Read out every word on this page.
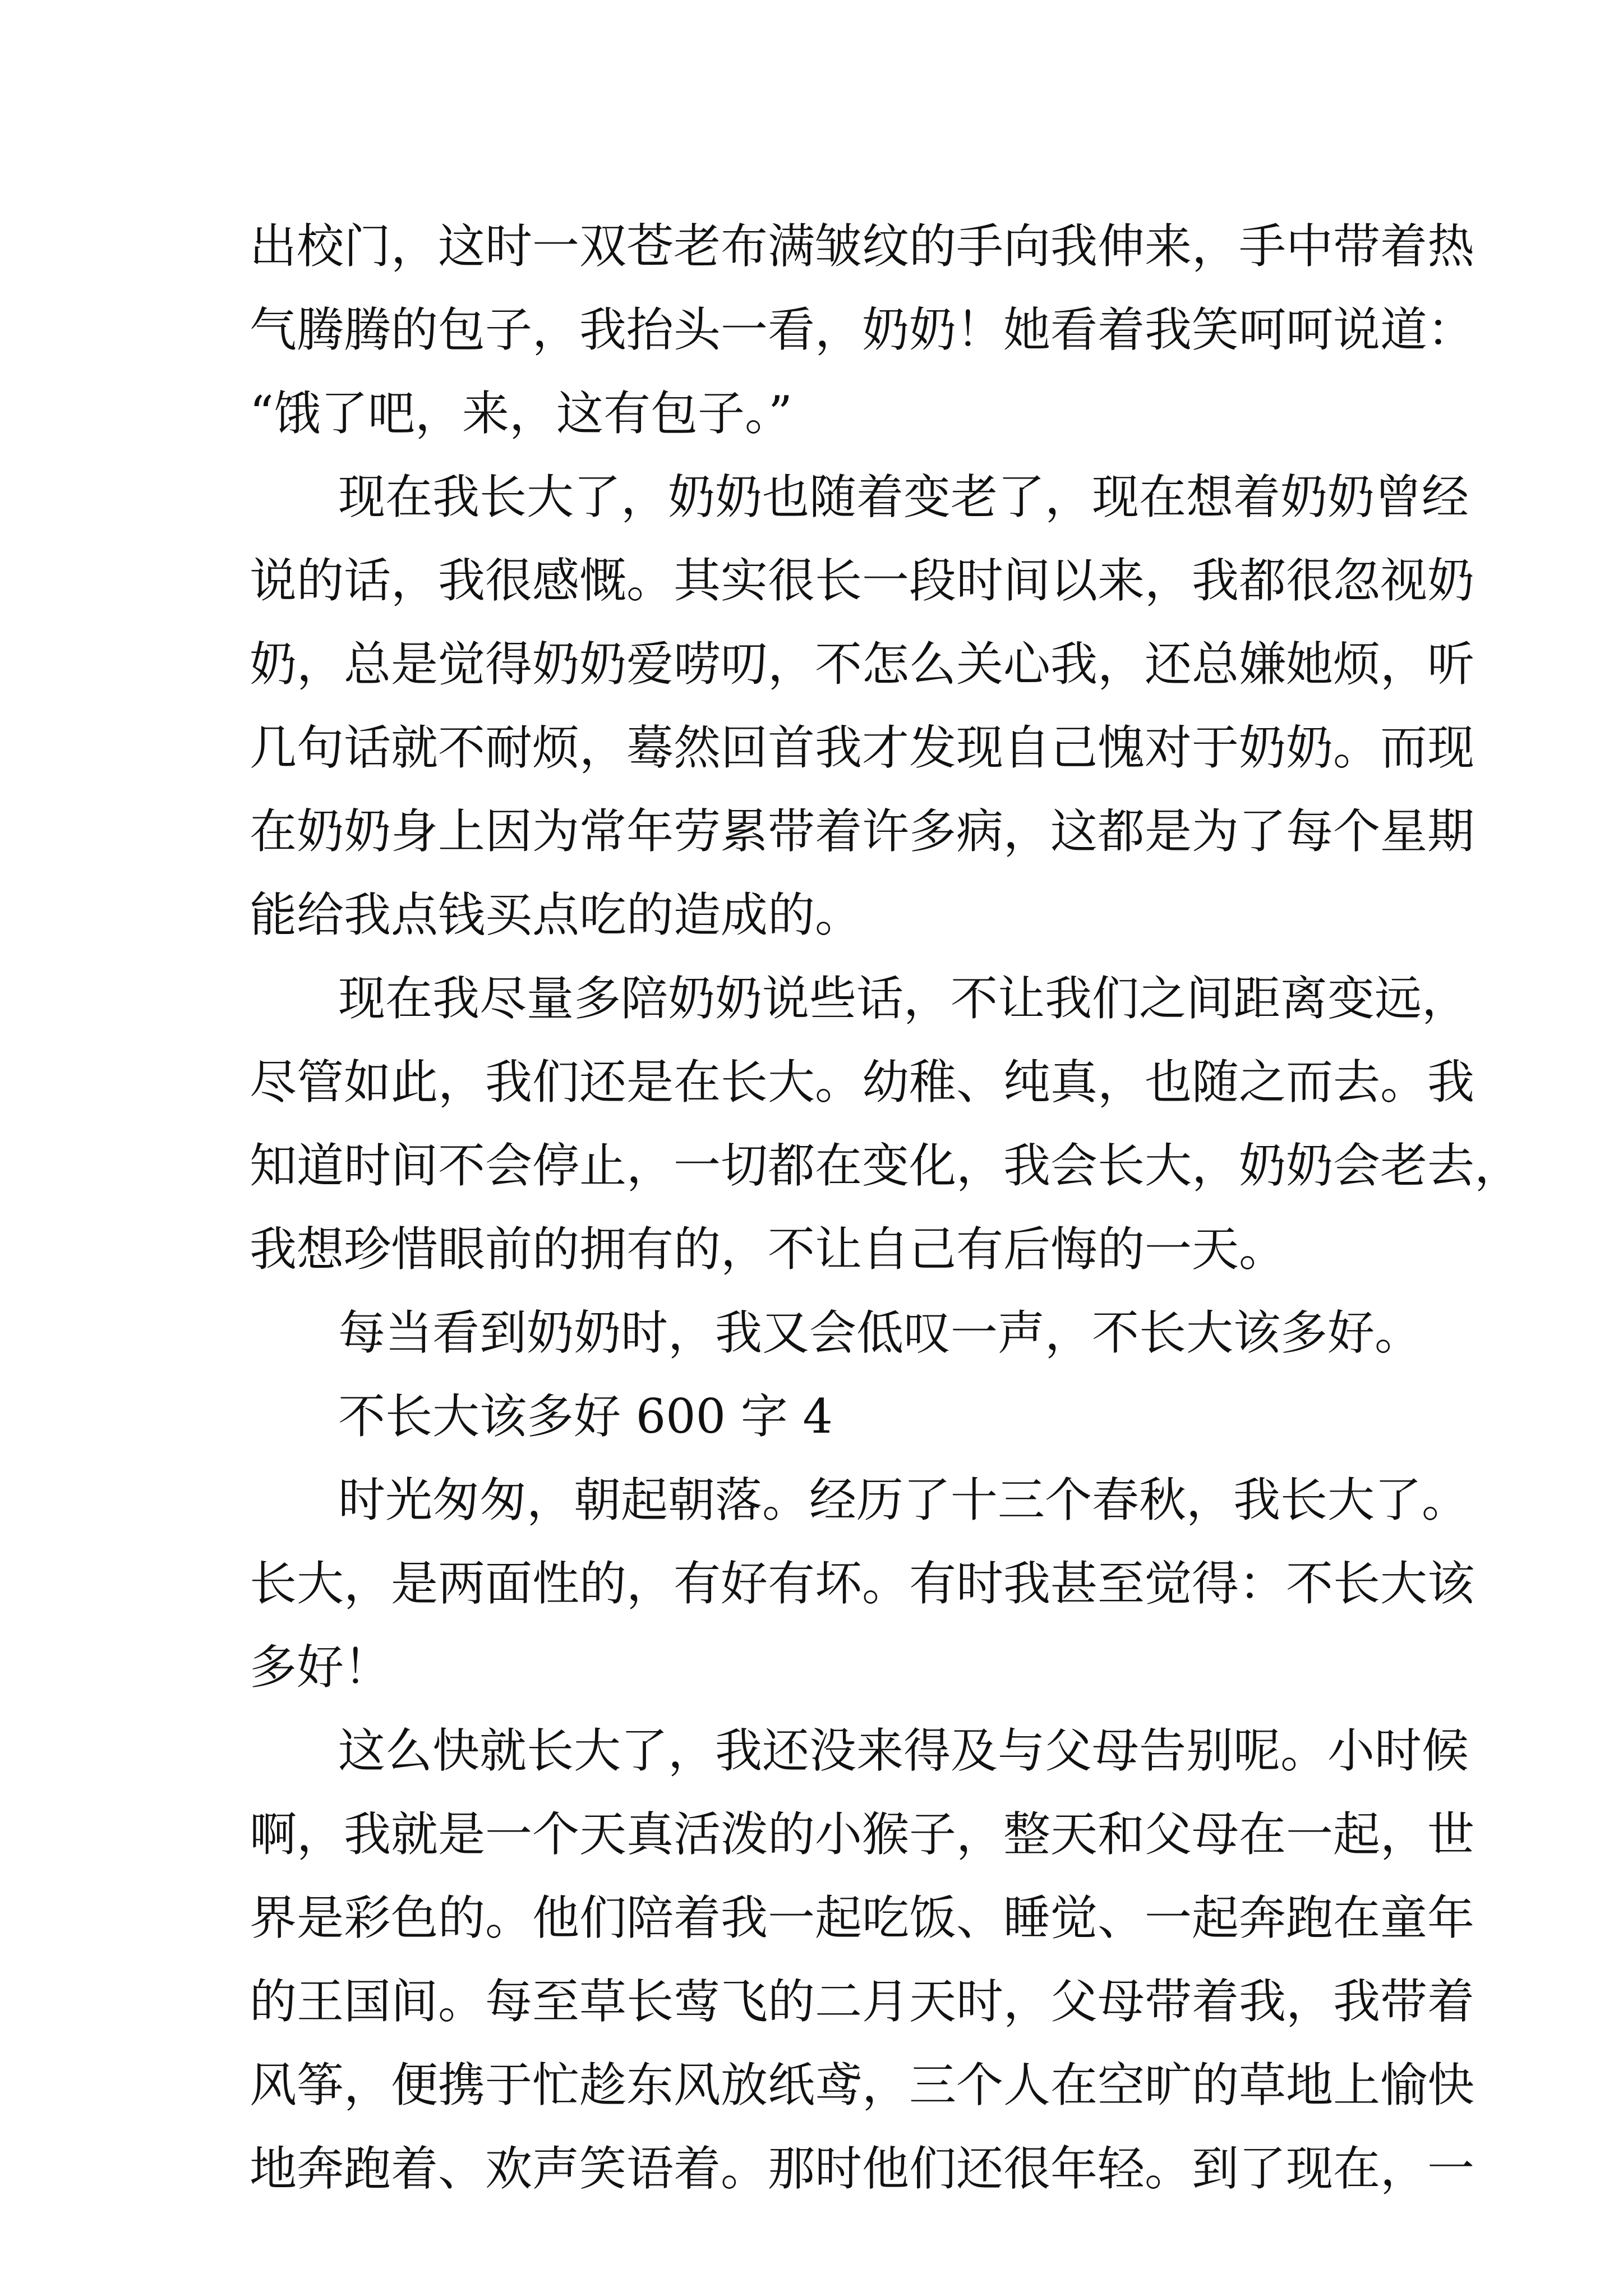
出校门，这时一双苍老布满皱纹的手向我伸来，手中带着热
气腾腾的包子，我抬头一看，奶奶！她看着我笑呵呵说道：
“饿了吧，来，这有包子。”
现在我长大了，奶奶也随着变老了，现在想着奶奶曾经
说的话，我很感慨。其实很长一段时间以来，我都很忽视奶
奶，总是觉得奶奶爱唠叨，不怎么关心我，还总嫌她烦，听
几句话就不耐烦，蓦然回首我才发现自己愧对于奶奶。而现
在奶奶身上因为常年劳累带着许多病，这都是为了每个星期
能给我点钱买点吃的造成的。
现在我尽量多陪奶奶说些话，不让我们之间距离变远，
尽管如此，我们还是在长大。幼稚、纯真，也随之而去。我
知道时间不会停止，一切都在变化，我会长大，奶奶会老去，
我想珍惜眼前的拥有的，不让自己有后悔的一天。
每当看到奶奶时，我又会低叹一声，不长大该多好。
不长大该多好 600 字 4
时光匆匆，朝起朝落。经历了十三个春秋，我长大了。
长大，是两面性的，有好有坏。有时我甚至觉得：不长大该
多好！
这么快就长大了，我还没来得及与父母告别呢。小时候
啊，我就是一个天真活泼的小猴子，整天和父母在一起，世
界是彩色的。他们陪着我一起吃饭、睡觉、一起奔跑在童年
的王国间。每至草长莺飞的二月天时，父母带着我，我带着
风筝，便携于忙趁东风放纸鸢，三个人在空旷的草地上愉快
地奔跑着、欢声笑语着。那时他们还很年轻。到了现在，一
